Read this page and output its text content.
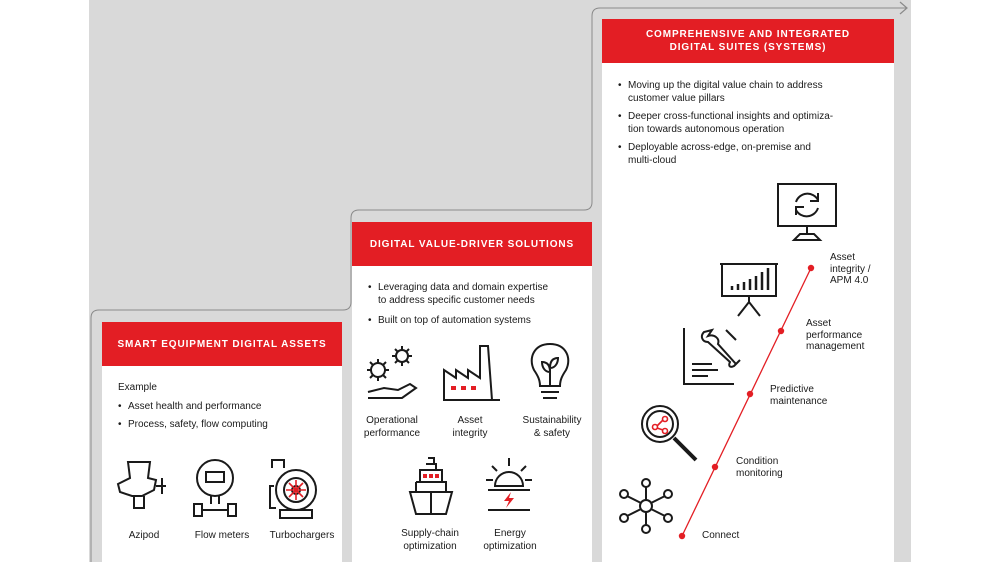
SMART EQUIPMENT DIGITAL ASSETS
Example
• Asset health and performance
• Process, safety, flow computing
Azipod	Flow meters	Turbochargers
DIGITAL VALUE-DRIVER SOLUTIONS
• Leveraging data and domain expertise
to address specific customer needs
• Built on top of automation systems
Operational
performance
Asset
integrity
Sustainability
& safety
Supply-chain
optimization
Energy
optimization
COMPREHENSIVE AND INTEGRATED
DIGITAL SUITES (SYSTEMS)
• Moving up the digital value chain to address
customer value pillars
• Deeper cross-functional insights and optimiza-
tion towards autonomous operation
• Deployable across-edge, on-premise and
multi-cloud
Connect
Condition
monitoring
Predictive
maintenance
Asset
performance
management
Asset
integrity /
APM 4.0
